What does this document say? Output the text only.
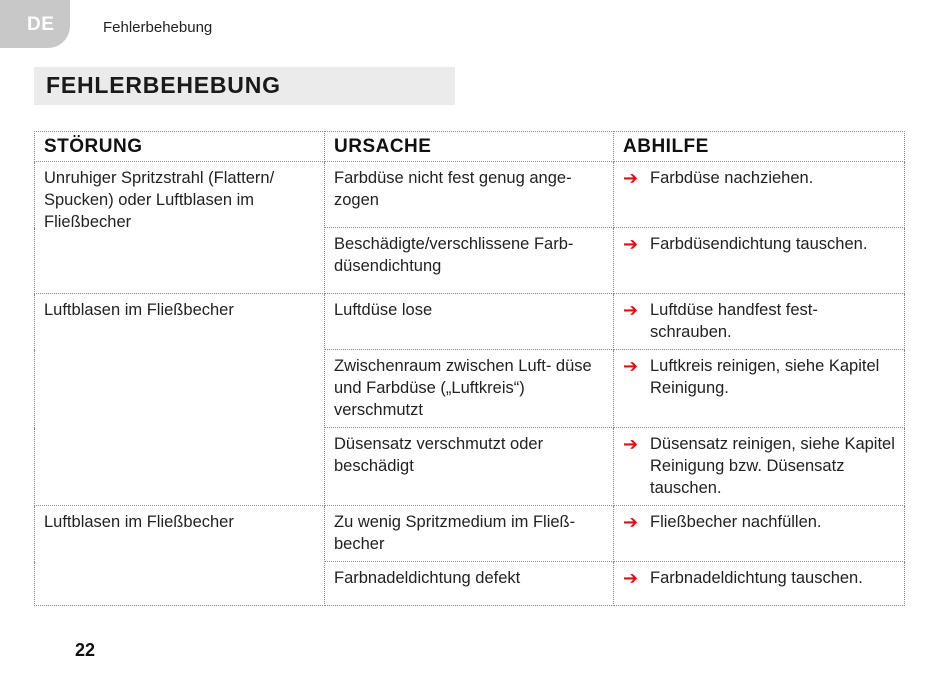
DE	Fehlerbehebung
FEHLERBEHEBUNG
STÖRUNG	URSACHE	ABHILFE
Unruhiger Spritzstrahl (Flattern/ Spucken) oder Luftblasen im Fließbecher	Farbdüse nicht fest genug ange- zogen	➔ Farbdüse nachziehen.

	Beschädigte/verschlissene Farb- düsendichtung	➔ Farbdüsendichtung tauschen.

Luftblasen im Fließbecher	Luftdüse lose	➔ Luftdüse handfest fest- schrauben.

	Zwischenraum zwischen Luft- düse und Farbdüse („Luftkreis“) verschmutzt	➔ Luftkreis reinigen, siehe Kapitel Reinigung.

	Düsensatz verschmutzt oder beschädigt	➔ Düsensatz reinigen, siehe Kapitel Reinigung bzw. Düsensatz tauschen.

Luftblasen im Fließbecher	Zu wenig Spritzmedium im Fließ- becher	➔ Fließbecher nachfüllen.

	Farbnadeldichtung defekt	➔ Farbnadeldichtung tauschen.
22
